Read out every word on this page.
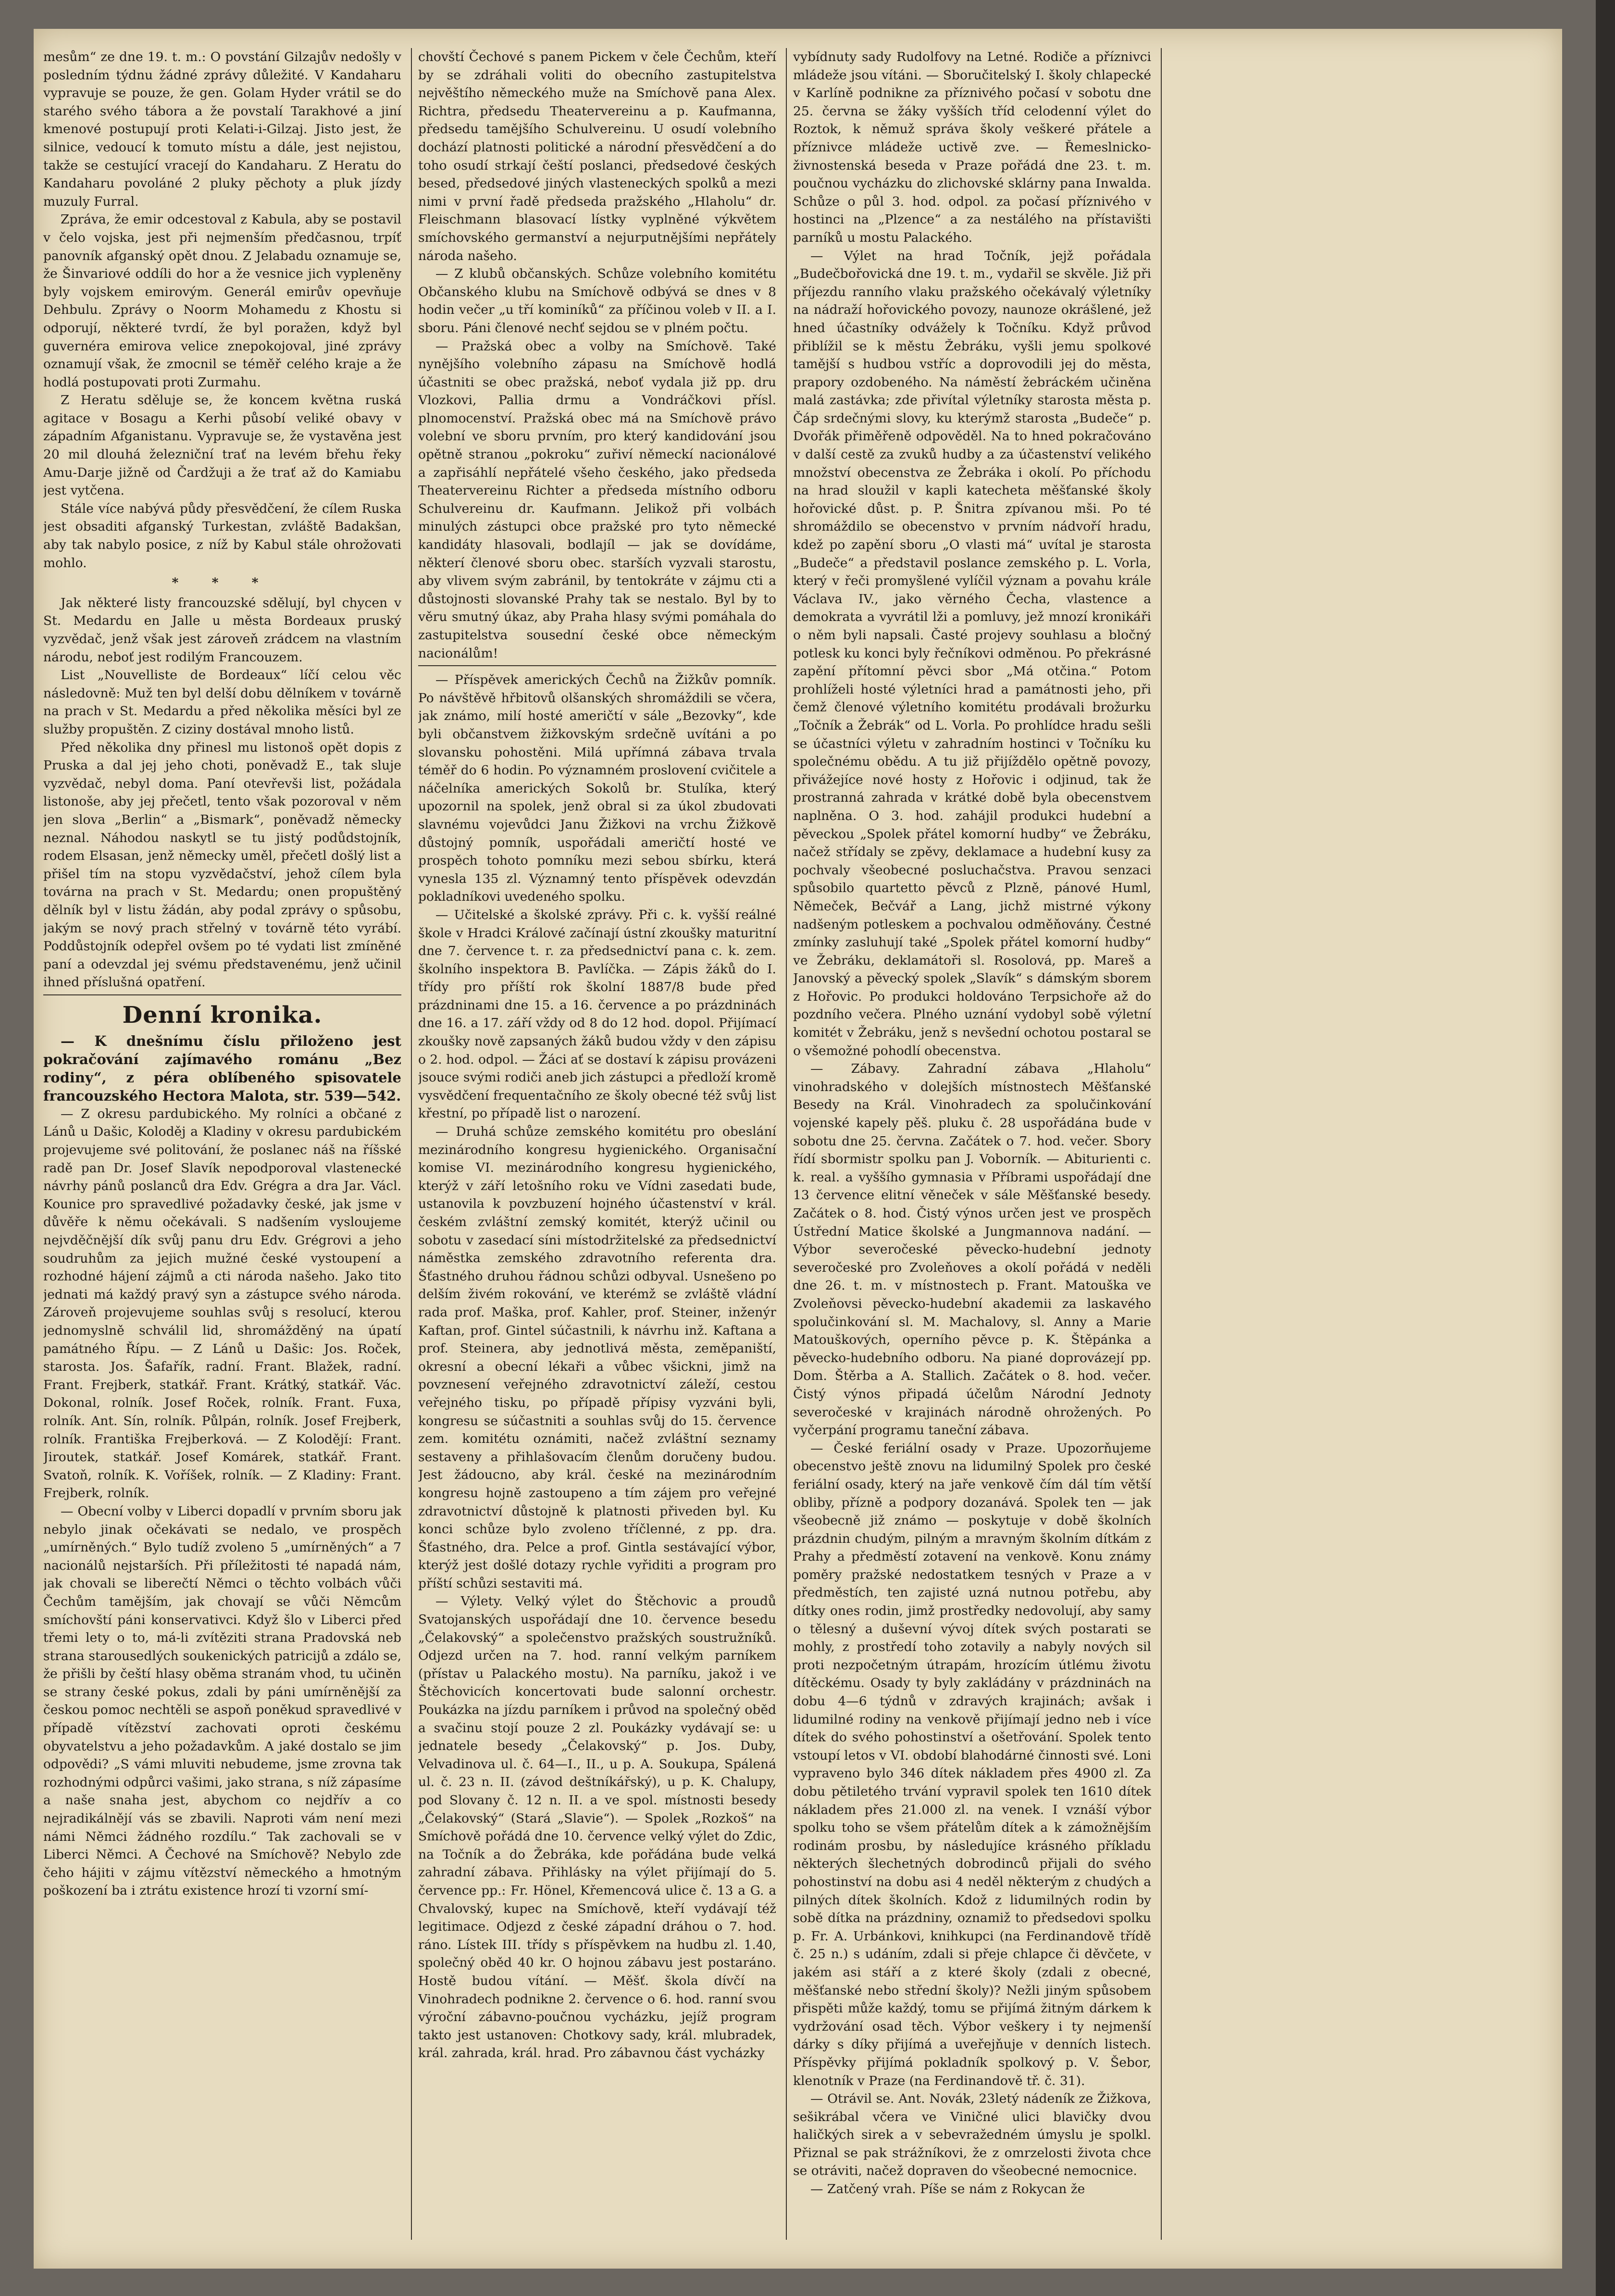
mesům“ ze dne 19. t. m.: O povstání Gilzajův nedošly v posledním týdnu žádné zprávy důležité. V Kandaharu vypravuje se pouze, že gen. Golam Hyder vrátil se do starého svého tábora a že povstalí Tarakhové a jiní kmenové postupují proti Kelati-i-Gilzaj. Jisto jest, že silnice, vedoucí k tomuto místu a dále, jest nejistou, takže se cestující vracejí do Kandaharu. Z Heratu do Kandaharu povoláné 2 pluky pěchoty a pluk jízdy muzuly Furral.

Zpráva, že emir odcestoval z Kabula, aby se postavil v čelo vojska, jest při nejmenším předčasnou, trpíť panovník afganský opět dnou. Z Jelabadu oznamuje se, že Šinvariové oddíli do hor a že vesnice jich vypleněny byly vojskem emirovým. Generál emirův opevňuje Dehbulu. Zprávy o Noorm Mohamedu z Khostu si odporují, některé tvrdí, že byl poražen, když byl guvernéra emirova velice znepokojoval, jiné zprávy oznamují však, že zmocnil se téměř celého kraje a že hodlá postupovati proti Zurmahu.

Z Heratu sděluje se, že koncem května ruská agitace v Bosagu a Kerhi působí veliké obavy v západním Afganistanu. Vypravuje se, že vystavěna jest 20 mil dlouhá železniční trať na levém břehu řeky Amu-Darje jižně od Čardžuji a že trať až do Kamiabu jest vytčena.

Stále více nabývá půdy přesvědčení, že cílem Ruska jest obsaditi afganský Turkestan, zvláště Badakšan, aby tak nabylo posice, z níž by Kabul stále ohrožovati mohlo.

* * *

Jak některé listy francouzské sdělují, byl chycen v St. Medardu en Jalle u města Bordeaux pruský vyzvědač, jenž však jest zároveň zrádcem na vlastním národu, neboť jest rodilým Francouzem.

List „Nouvelliste de Bordeaux“ líčí celou věc následovně: Muž ten byl delší dobu dělníkem v továrně na prach v St. Medardu a před několika měsíci byl ze služby propuštěn. Z ciziny dostával mnoho listů.

Před několika dny přinesl mu listonoš opět dopis z Pruska a dal jej jeho choti, poněvadž E., tak sluje vyzvědač, nebyl doma. Paní otevřevši list, požádala listonoše, aby jej přečetl, tento však pozoroval v něm jen slova „Berlin“ a „Bismark“, poněvadž německy neznal. Náhodou naskytl se tu jistý podůdstojník, rodem Elsasan, jenž německy uměl, přečetl došlý list a přišel tím na stopu vyzvědačství, jehož cílem byla továrna na prach v St. Medardu; onen propuštěný dělník byl v listu žádán, aby podal zprávy o spůsobu, jakým se nový prach střelný v továrně této vyrábí. Poddůstojník odepřel ovšem po té vydati list zmíněné paní a odevzdal jej svému představenému, jenž učinil ihned příslušná opatření.

Denní kronika.

— K dnešnímu číslu přiloženo jest pokračování zajímavého románu „Bez rodiny“, z péra oblíbeného spisovatele francouzského Hectora Malota, str. 539—542.

— Z okresu pardubického. My rolníci a občané z Lánů u Dašic, Koloděj a Kladiny v okresu pardubickém projevujeme své politování, že poslanec náš na říšské radě pan Dr. Josef Slavík nepodporoval vlastenecké návrhy pánů poslanců dra Edv. Grégra a dra Jar. Václ. Kounice pro spravedlivé požadavky české, jak jsme v důvěře k němu očekávali. S nadšením vysloujeme nejvděčnější dík svůj panu dru Edv. Grégrovi a jeho soudruhům za jejich mužné české vystoupení a rozhodné hájení zájmů a cti národa našeho. Jako tito jednati má každý pravý syn a zástupce svého národa. Zároveň projevujeme souhlas svůj s resolucí, kterou jednomyslně schválil lid, shromážděný na úpatí památného Řípu. — Z Lánů u Dašic: Jos. Roček, starosta. Jos. Šafařík, radní. Frant. Blažek, radní. Frant. Frejberk, statkář. Frant. Krátký, statkář. Vác. Dokonal, rolník. Josef Roček, rolník. Frant. Fuxa, rolník. Ant. Sín, rolník. Půlpán, rolník. Josef Frejberk, rolník. Františka Frejberková. — Z Kolodějí: Frant. Jiroutek, statkář. Josef Komárek, statkář. Frant. Svatoň, rolník. K. Voříšek, rolník. — Z Kladiny: Frant. Frejberk, rolník.

— Obecní volby v Liberci dopadlí v prvním sboru jak nebylo jinak očekávati se nedalo, ve prospěch „umírněných.“ Bylo tudíž zvoleno 5 „umírněných“ a 7 nacionálů nejstarších. Při příležitosti té napadá nám, jak chovali se liberečtí Němci o těchto volbách vůči Čechům tamějším, jak chovají se vůči Němcům smíchovští páni konservativci. Když šlo v Liberci před třemi lety o to, má-li zvítěziti strana Pradovská neb strana starousedlých soukenických patricijů a zdálo se, že přišli by čeští hlasy oběma stranám vhod, tu učiněn se strany české pokus, zdali by páni umírněnější za českou pomoc nechtěli se aspoň poněkud spravedlivé v případě vítězství zachovati oproti českému obyvatelstvu a jeho požadavkům. A jaké dostalo se jim odpovědi? „S vámi mluviti nebudeme, jsme zrovna tak rozhodnými odpůrci vašimi, jako strana, s níž zápasíme a naše snaha jest, abychom co nejdřív a co nejradikálnějí vás se zbavili. Naproti vám není mezi námi Němci žádného rozdílu.“ Tak zachovali se v Liberci Němci. A Čechové na Smíchově? Nebylo zde čeho hájiti v zájmu vítězství německého a hmotným poškození ba i ztrátu existence hrozí ti vzorní smí-

chovští Čechové s panem Pickem v čele Čechům, kteří by se zdráhali voliti do obecního zastupitelstva nejvěštího německého muže na Smíchově pana Alex. Richtra, předsedu Theatervereinu a p. Kaufmanna, předsedu tamějšího Schulvereinu. U osudí volebního dochází platnosti politické a národní přesvědčení a do toho osudí strkají čeští poslanci, předsedové českých besed, předsedové jiných vlasteneckých spolků a mezi nimi v první řadě předseda pražského „Hlaholu“ dr. Fleischmann blasovací lístky vyplněné výkvětem smíchovského germanství a nejurputnějšími nepřátely národa našeho.

— Z klubů občanských. Schůze volebního komitétu Občanského klubu na Smíchově odbývá se dnes v 8 hodin večer „u tří kominíků“ za příčinou voleb v II. a I. sboru. Páni členové nechť sejdou se v plném počtu.

— Pražská obec a volby na Smíchově. Také nynějšího volebního zápasu na Smíchově hodlá účastniti se obec pražská, neboť vydala již pp. dru Vlozkovi, Pallia drmu a Vondráčkovi přísl. plnomocenství. Pražská obec má na Smíchově právo volební ve sboru prvním, pro který kandidování jsou opětně stranou „pokroku“ zuřiví německí nacionálové a zapřisáhlí nepřátelé všeho českého, jako předseda Theatervereinu Richter a předseda místního odboru Schulvereinu dr. Kaufmann. Jelikož při volbách minulých zástupci obce pražské pro tyto německé kandidáty hlasovali, bodlajíl — jak se dovídáme, některí členové sboru obec. starších vyzvali starostu, aby vlivem svým zabránil, by tentokráte v zájmu cti a důstojnosti slovanské Prahy tak se nestalo. Byl by to věru smutný úkaz, aby Praha hlasy svými pomáhala do zastupitelstva sousední české obce německým nacionálům!

— Příspěvek amerických Čechů na Žižkův pomník. Po návštěvě hřbitovů olšanských shromáždili se včera, jak známo, milí hosté američtí v sále „Bezovky“, kde byli občanstvem žižkovským srdečně uvítáni a po slovansku pohostěni. Milá upřímná zábava trvala téměř do 6 hodin. Po významném proslovení cvičitele a náčelníka amerických Sokolů br. Stulíka, který upozornil na spolek, jenž obral si za úkol zbudovati slavnému vojevůdci Janu Žižkovi na vrchu Žižkově důstojný pomník, uspořádali američtí hosté ve prospěch tohoto pomníku mezi sebou sbírku, která vynesla 135 zl. Významný tento příspěvek odevzdán pokladníkovi uvedeného spolku.

— Učitelské a školské zprávy. Při c. k. vyšší reálné škole v Hradci Králové začínají ústní zkoušky maturitní dne 7. července t. r. za předsednictví pana c. k. zem. školního inspektora B. Pavlíčka. — Zápis žáků do I. třídy pro příští rok školní 1887/8 bude před prázdninami dne 15. a 16. července a po prázdninách dne 16. a 17. září vždy od 8 do 12 hod. dopol. Přijímací zkoušky nově zapsaných žáků budou vždy v den zápisu o 2. hod. odpol. — Žáci ať se dostaví k zápisu provázeni jsouce svými rodiči aneb jich zástupci a předloží kromě vysvědčení frequentačního ze školy obecné též svůj list křestní, po případě list o narození.

— Druhá schůze zemského komitétu pro obeslání mezinárodního kongresu hygienického. Organisační komise VI. mezinárodního kongresu hygienického, kterýž v září letošního roku ve Vídni zasedati bude, ustanovila k povzbuzení hojného účastenství v král. českém zvláštní zemský komitét, kterýž učinil ou sobotu v zasedací síni místodržitelské za předsednictví náměstka zemského zdravotního referenta dra. Šťastného druhou řádnou schůzi odbyval. Usnešeno po delším živém rokování, ve kterémž se zvláště vládní rada prof. Maška, prof. Kahler, prof. Steiner, inženýr Kaftan, prof. Gintel súčastnili, k návrhu inž. Kaftana a prof. Steinera, aby jednotlivá města, zeměpaniští, okresní a obecní lékaři a vůbec všickni, jimž na povznesení veřejného zdravotnictví záleží, cestou veřejného tisku, po případě přípisy vyzváni byli, kongresu se súčastniti a souhlas svůj do 15. července zem. komitétu oznámiti, načež zvláštní seznamy sestaveny a přihlašovacím členům doručeny budou. Jest žádoucno, aby král. české na mezinárodním kongresu hojně zastoupeno a tím zájem pro veřejné zdravotnictví důstojně k platnosti přiveden byl. Ku konci schůze bylo zvoleno tříčlenné, z pp. dra. Šťastného, dra. Pelce a prof. Gintla sestávající výbor, kterýž jest došlé dotazy rychle vyřiditi a program pro příští schůzi sestaviti má.

— Výlety. Velký výlet do Štěchovic a proudů Svatojanských uspořádají dne 10. července besedu „Čelakovský“ a společenstvo pražských soustružníků. Odjezd určen na 7. hod. ranní velkým parníkem (přístav u Palackého mostu). Na parníku, jakož i ve Štěchovicích koncertovati bude salonní orchestr. Poukázka na jízdu parníkem i průvod na společný oběd a svačinu stojí pouze 2 zl. Poukázky vydávají se: u jednatele besedy „Čelakovský“ p. Jos. Duby, Velvadinova ul. č. 64—I., II., u p. A. Soukupa, Spálená ul. č. 23 n. II. (závod deštníkářský), u p. K. Chalupy, pod Slovany č. 12 n. II. a ve spol. místnosti besedy „Čelakovský“ (Stará „Slavie“). — Spolek „Rozkoš“ na Smíchově pořádá dne 10. července velký výlet do Zdic, na Točník a do Žebráka, kde pořádána bude velká zahradní zábava. Přihlásky na výlet přijímají do 5. července pp.: Fr. Hönel, Křemencová ulice č. 13 a G. a Chvalovský, kupec na Smíchově, kteří vydávají též legitimace. Odjezd z české západní dráhou o 7. hod. ráno. Lístek III. třídy s příspěvkem na hudbu zl. 1.40, společný oběd 40 kr. O hojnou zábavu jest postaráno. Hostě budou vítání. — Měšť. škola dívčí na Vinohradech podnikne 2. července o 6. hod. ranní svou výroční zábavno-poučnou vycházku, jejíž program takto jest ustanoven: Chotkovy sady, král. mlubradek, král. zahrada, král. hrad. Pro zábavnou část vycházky

vybídnuty sady Rudolfovy na Letné. Rodiče a příznivci mládeže jsou vítáni. — Sboručitelský I. školy chlapecké v Karlíně podnikne za příznivého počasí v sobotu dne 25. června se žáky vyšších tříd celodenní výlet do Roztok, k němuž správa školy veškeré přátele a příznivce mládeže uctivě zve. — Řemeslnicko-živnostenská beseda v Praze pořádá dne 23. t. m. poučnou vycházku do zlichovské sklárny pana Inwalda. Schůze o půl 3. hod. odpol. za počasí příznivého v hostinci na „Plzence“ a za nestálého na přístavišti parníků u mostu Palackého.

— Výlet na hrad Točník, jejž pořádala „Budečbořovická dne 19. t. m., vydařil se skvěle. Již při příjezdu ranního vlaku pražského očekávalý výletníky na nádraží hořovického povozy, naunoze okrášlené, jež hned účastníky odvážely k Točníku. Když průvod přiblížil se k městu Žebráku, vyšli jemu spolkové tamější s hudbou vstříc a doprovodili jej do města, prapory ozdobeného. Na náměstí žebráckém učiněna malá zastávka; zde přivítal výletníky starosta města p. Čáp srdečnými slovy, ku kterýmž starosta „Budeče“ p. Dvořák přiměřeně odpověděl. Na to hned pokračováno v další cestě za zvuků hudby a za účastenství velikého množství obecenstva ze Žebráka i okolí. Po příchodu na hrad sloužil v kapli katecheta měšťanské školy hořovické důst. p. P. Šnitra zpívanou mši. Po té shromáždilo se obecenstvo v prvním nádvoří hradu, kdež po zapění sboru „O vlasti má“ uvítal je starosta „Budeče“ a představil poslance zemského p. L. Vorla, který v řeči promyšlené vylíčil význam a povahu krále Václava IV., jako věrného Čecha, vlastence a demokrata a vyvrátil lži a pomluvy, jež mnozí kronikáři o něm byli napsali. Časté projevy souhlasu a bločný potlesk ku konci byly řečníkovi odměnou. Po překrásné zapění přítomní pěvci sbor „Má otčina.“ Potom prohlíželi hosté výletníci hrad a památnosti jeho, při čemž členové výletního komitétu prodávali brožurku „Točník a Žebrák“ od L. Vorla. Po prohlídce hradu sešli se účastníci výletu v zahradním hostinci v Točníku ku společnému obědu. A tu již přijíždělo opětně povozy, přivážejíce nové hosty z Hořovic i odjinud, tak že prostranná zahrada v krátké době byla obecenstvem naplněna. O 3. hod. zahájil produkci hudební a pěveckou „Spolek přátel komorní hudby“ ve Žebráku, načež střídaly se zpěvy, deklamace a hudební kusy za pochvaly všeobecné posluchačstva. Pravou senzaci spůsobilo quartetto pěvců z Plzně, pánové Huml, Němeček, Bečvář a Lang, jichž mistrné výkony nadšeným potleskem a pochvalou odměňovány. Čestné zmínky zasluhují také „Spolek přátel komorní hudby“ ve Žebráku, deklamátoři sl. Rosolová, pp. Mareš a Janovský a pěvecký spolek „Slavík“ s dámským sborem z Hořovic. Po produkci holdováno Terpsichoře až do pozdního večera. Plného uznání vydobyl sobě výletní komitét v Žebráku, jenž s nevšední ochotou postaral se o všemožné pohodlí obecenstva.

— Zábavy. Zahradní zábava „Hlaholu“ vinohradského v dolejších místnostech Měšťanské Besedy na Král. Vinohradech za spolučinkování vojenské kapely pěš. pluku č. 28 uspořádána bude v sobotu dne 25. června. Začátek o 7. hod. večer. Sbory řídí sbormistr spolku pan J. Voborník. — Abiturienti c. k. real. a vyššího gymnasia v Příbrami uspořádají dne 13 července elitní věneček v sále Měšťanské besedy. Začátek o 8. hod. Čistý výnos určen jest ve prospěch Ústřední Matice školské a Jungmannova nadání. — Výbor severočeské pěvecko-hudební jednoty severočeské pro Zvoleňoves a okolí pořádá v neděli dne 26. t. m. v místnostech p. Frant. Matouška ve Zvoleňovsi pěvecko-hudební akademii za laskavého spolučinkování sl. M. Machalovy, sl. Anny a Marie Matouškových, operního pěvce p. K. Štěpánka a pěvecko-hudebního odboru. Na piané doprovázejí pp. Dom. Štěrba a A. Stallich. Začátek o 8. hod. večer. Čistý výnos připadá účelům Národní Jednoty severočeské v krajinách národně ohrožených. Po vyčerpání programu taneční zábava.

— České feriální osady v Praze. Upozorňujeme obecenstvo ještě znovu na lidumilný Spolek pro české feriální osady, který na jaře venkově čím dál tím větší obliby, přízně a podpory dozanává. Spolek ten — jak všeobecně již známo — poskytuje v době školních prázdnin chudým, pilným a mravným školním dítkám z Prahy a předměstí zotavení na venkově. Konu známy poměry pražské nedostatkem tesných v Praze a v předměstích, ten zajisté uzná nutnou potřebu, aby dítky ones rodin, jimž prostředky nedovolují, aby samy o tělesný a duševní vývoj dítek svých postarati se mohly, z prostředí toho zotavily a nabyly nových sil proti nezpočetným útrapám, hrozícím útlému životu dítěckému. Osady ty byly zakládány v prázdninách na dobu 4—6 týdnů v zdravých krajinách; avšak i lidumilné rodiny na venkově přijímají jedno neb i více dítek do svého pohostinství a ošetřování. Spolek tento vstoupí letos v VI. období blahodárné činnosti své. Loni vypraveno bylo 346 dítek nákladem přes 4900 zl. Za dobu pětiletého trvání vypravil spolek ten 1610 dítek nákladem přes 21.000 zl. na venek. I vznáší výbor spolku toho se všem přátelům dítek a k zámožnějším rodinám prosbu, by následujíce krásného příkladu některých šlechetných dobrodinců přijali do svého pohostinství na dobu asi 4 neděl některým z chudých a pilných dítek školních. Kdož z lidumilných rodin by sobě dítka na prázdniny, oznamiž to předsedovi spolku p. Fr. A. Urbánkovi, knihkupci (na Ferdinandově třídě č. 25 n.) s udáním, zdali si přeje chlapce či děvčete, v jakém asi stáří a z které školy (zdali z obecné, měšťanské nebo střední školy)? Nežli jiným spůsobem přispěti může každý, tomu se přijímá žitným dárkem k vydržování osad těch. Výbor veškery i ty nejmenší dárky s díky přijímá a uveřejňuje v denních listech. Příspěvky přijímá pokladník spolkový p. V. Šebor, klenotník v Praze (na Ferdinandově tř. č. 31).

— Otrávil se. Ant. Novák, 23letý nádeník ze Žižkova, sešikrábal včera ve Viničné ulici blavičky dvou haličkých sirek a v sebevražedném úmyslu je spolkl. Přiznal se pak strážníkovi, že z omrzelosti života chce se otráviti, načež dopraven do všeobecné nemocnice.

— Zatčený vrah. Píše se nám z Rokycan že
